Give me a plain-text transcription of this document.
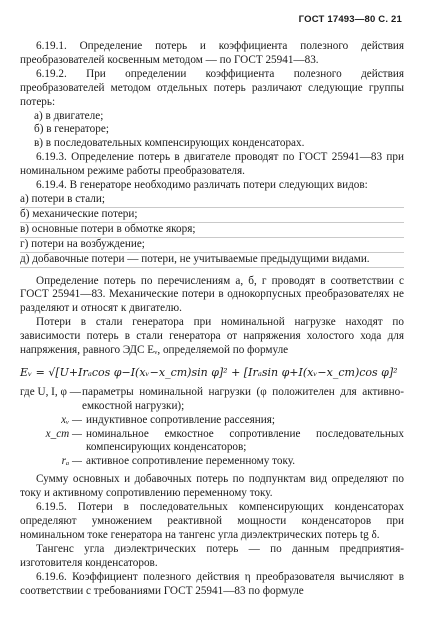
ГОСТ 17493—80 С. 21

6.19.1. Определение потерь и коэффициента полезного действия преобразователей косвенным методом — по ГОСТ 25941—83.

6.19.2. При определении коэффициента полезного действия преобразователей методом отдельных потерь различают следующие группы потерь:

а) в двигателе;
б) в генераторе;
в) в последовательных компенсирующих конденсаторах.

6.19.3. Определение потерь в двигателе проводят по ГОСТ 25941—83 при номинальном режиме работы преобразователя.

6.19.4. В генераторе необходимо различать потери следующих видов:

а) потери в стали;
б) механические потери;
в) основные потери в обмотке якоря;
г) потери на возбуждение;
д) добавочные потери — потери, не учитываемые предыдущими видами.

Определение потерь по перечислениям а, б, г проводят в соответствии с ГОСТ 25941—83. Механические потери в однокорпусных преобразователях не разделяют и относят к двигателю.

Потери в стали генератора при номинальной нагрузке находят по зависимости потерь в стали генератора от напряжения холостого хода для напряжения, равного ЭДС Eᵥ, определяемой по формуле

Eᵥ = √[U+Irₐcos φ−I(xᵥ−x_ст)sin φ]² + [Irₐsin φ+I(xᵥ−x_ст)cos φ]²
где U, I, φ — параметры номинальной нагрузки (φ положителен для активно-емкостной нагрузки);
xᵥ — индуктивное сопротивление рассеяния;
x_ст — номинальное емкостное сопротивление последовательных компенсирующих конденсаторов;
rₐ — активное сопротивление переменному току.

Сумму основных и добавочных потерь по подпунктам вид определяют по току и активному сопротивлению переменному току.

6.19.5. Потери в последовательных компенсирующих конденсаторах определяют умножением реактивной мощности конденсаторов при номинальном токе генератора на тангенс угла диэлектрических потерь tg δ.

Тангенс угла диэлектрических потерь — по данным предприятия-изготовителя конденсаторов.

6.19.6. Коэффициент полезного действия η преобразователя вычисляют в соответствии с требованиями ГОСТ 25941—83 по формуле
